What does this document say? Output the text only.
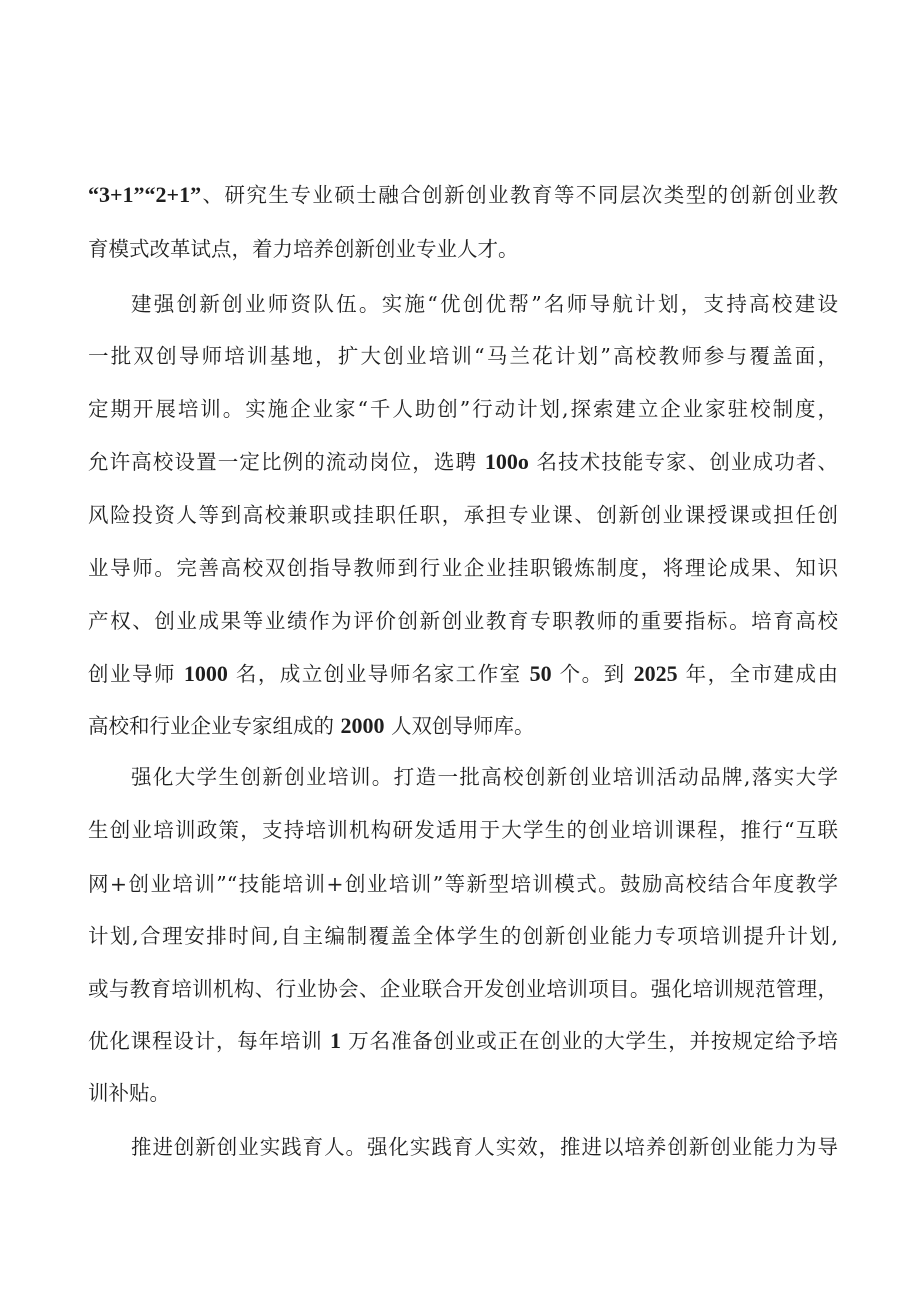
“3+1”“2+1”、研究生专业硕士融合创新创业教育等不同层次类型的创新创业教
育模式改革试点，着力培养创新创业专业人才。
建强创新创业师资队伍。实施“优创优帮”名师导航计划，支持高校建设
一批双创导师培训基地，扩大创业培训“马兰花计划”高校教师参与覆盖面，
定期开展培训。实施企业家“千人助创”行动计划,探索建立企业家驻校制度，
允许高校设置一定比例的流动岗位，选聘 100o 名技术技能专家、创业成功者、
风险投资人等到高校兼职或挂职任职，承担专业课、创新创业课授课或担任创
业导师。完善高校双创指导教师到行业企业挂职锻炼制度，将理论成果、知识
产权、创业成果等业绩作为评价创新创业教育专职教师的重要指标。培育高校
创业导师 1000 名，成立创业导师名家工作室 50 个。到 2025 年，全市建成由
高校和行业企业专家组成的 2000 人双创导师库。
强化大学生创新创业培训。打造一批高校创新创业培训活动品牌,落实大学
生创业培训政策，支持培训机构研发适用于大学生的创业培训课程，推行“互联
网+创业培训”“技能培训+创业培训”等新型培训模式。鼓励高校结合年度教学
计划,合理安排时间,自主编制覆盖全体学生的创新创业能力专项培训提升计划,
或与教育培训机构、行业协会、企业联合开发创业培训项目。强化培训规范管理，
优化课程设计，每年培训 1 万名准备创业或正在创业的大学生，并按规定给予培
训补贴。
推进创新创业实践育人。强化实践育人实效，推进以培养创新创业能力为导
